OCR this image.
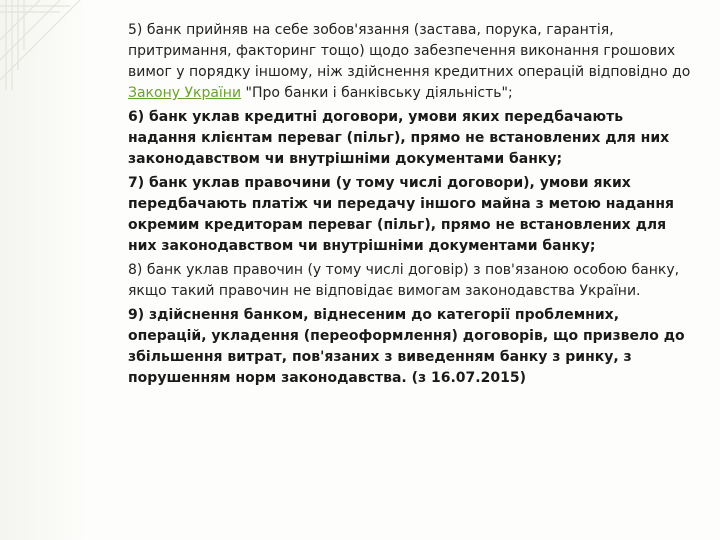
5) банк прийняв на себе зобов'язання (застава, порука, гарантія, притримання, факторинг тощо) щодо забезпечення виконання грошових вимог у порядку іншому, ніж здійснення кредитних операцій відповідно до Закону України "Про банки і банківську діяльність";

6) банк уклав кредитні договори, умови яких передбачають надання клієнтам переваг (пільг), прямо не встановлених для них законодавством чи внутрішніми документами банку;

7) банк уклав правочини (у тому числі договори), умови яких передбачають платіж чи передачу іншого майна з метою надання окремим кредиторам переваг (пільг), прямо не встановлених для них законодавством чи внутрішніми документами банку;

8) банк уклав правочин (у тому числі договір) з пов'язаною особою банку, якщо такий правочин не відповідає вимогам законодавства України.

9) здійснення банком, віднесеним до категорії проблемних, операцій, укладення (переоформлення) договорів, що призвело до збільшення витрат, пов'язаних з виведенням банку з ринку, з порушенням норм законодавства. (з 16.07.2015)
